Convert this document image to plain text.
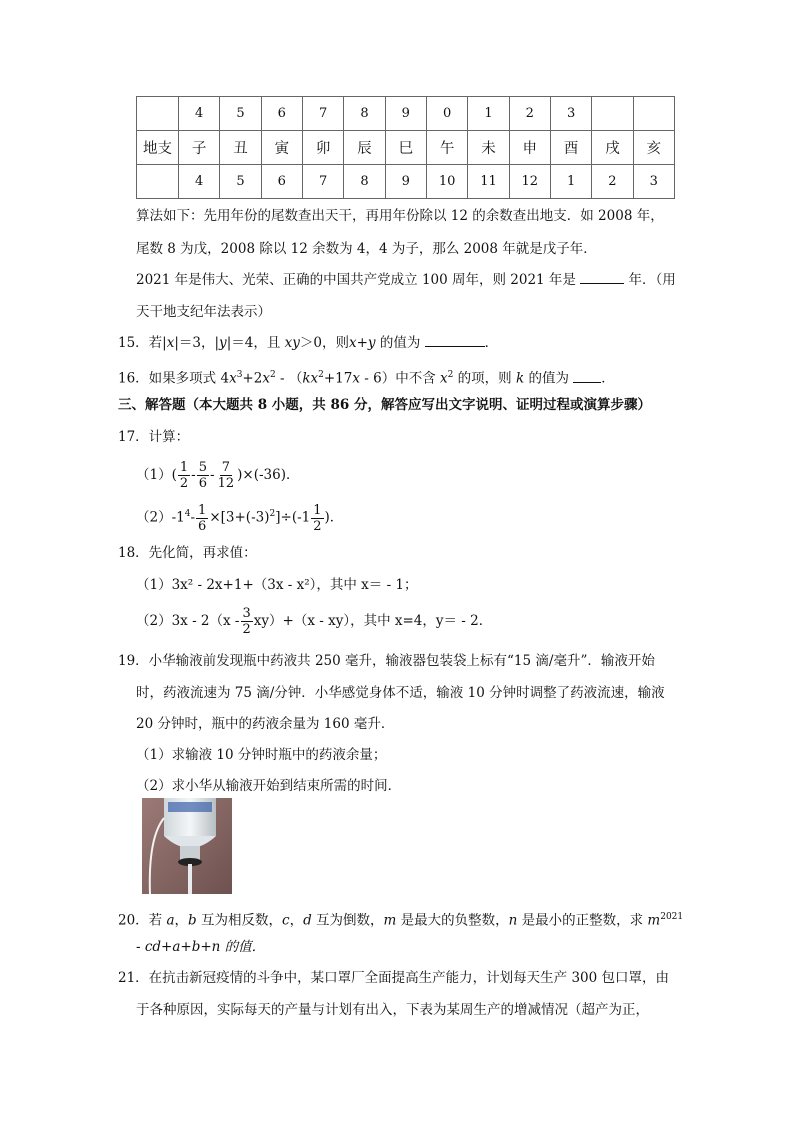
	4	5	6	7	8	9	0	1	2	3		
地支	子	丑	寅	卯	辰	巳	午	未	申	酉	戌	亥
	4	5	6	7	8	9	10	11	12	1	2	3
算法如下：先用年份的尾数查出天干，再用年份除以 12 的余数查出地支．如 2008 年，
尾数 8 为戊，2008 除以 12 余数为 4，4 为子，那么 2008 年就是戊子年．
2021 年是伟大、光荣、正确的中国共产党成立 100 周年，则 2021 年是	年．（用
天干地支纪年法表示）
15．若|x|＝3，|y|＝4，且 xy＞0，则x+y 的值为	．
16．如果多项式 $4x^3+2x^2 - (kx^2+17x - 6)$中不含 $x^2$ 的项，则 k 的值为 ．
三、解答题（本大题共 8 小题，共 86 分，解答应写出文字说明、证明过程或演算步骤）
17．计算：
$(1)( \frac{1}{2} - \frac{5}{6} - \frac{7}{12} )\times(-36)$．
$(2)-1^4- \frac{1}{6} \times[3+(-3)^2]\div(-1 \frac{1}{2}$ )．
18．先化简，再求值：
（1）3x² - 2x+1+（3x - x²），其中 x＝ - 1；
$(2)3x - 2(x - \frac{3}{2} xy)+(x - xy)$，其中 x=4，y＝ - 2．
19．小华输液前发现瓶中药液共 250 毫升，输液器包装袋上标有“15 滴/毫升”．输液开始
时，药液流速为 75 滴/分钟．小华感觉身体不适，输液 10 分钟时调整了药液流速，输液
20 分钟时，瓶中的药液余量为 160 毫升．
（1）求输液 10 分钟时瓶中的药液余量；
（2）求小华从输液开始到结束所需的时间．
20．若 a，b 互为相反数，c，d 互为倒数，m 是最大的负整数，n 是最小的正整数，求 $m^{2021}$
- cd+a+b+n 的值．
21．在抗击新冠疫情的斗争中，某口罩厂全面提高生产能力，计划每天生产 300 包口罩，由
于各种原因，实际每天的产量与计划有出入，下表为某周生产的增减情况（超产为正，
